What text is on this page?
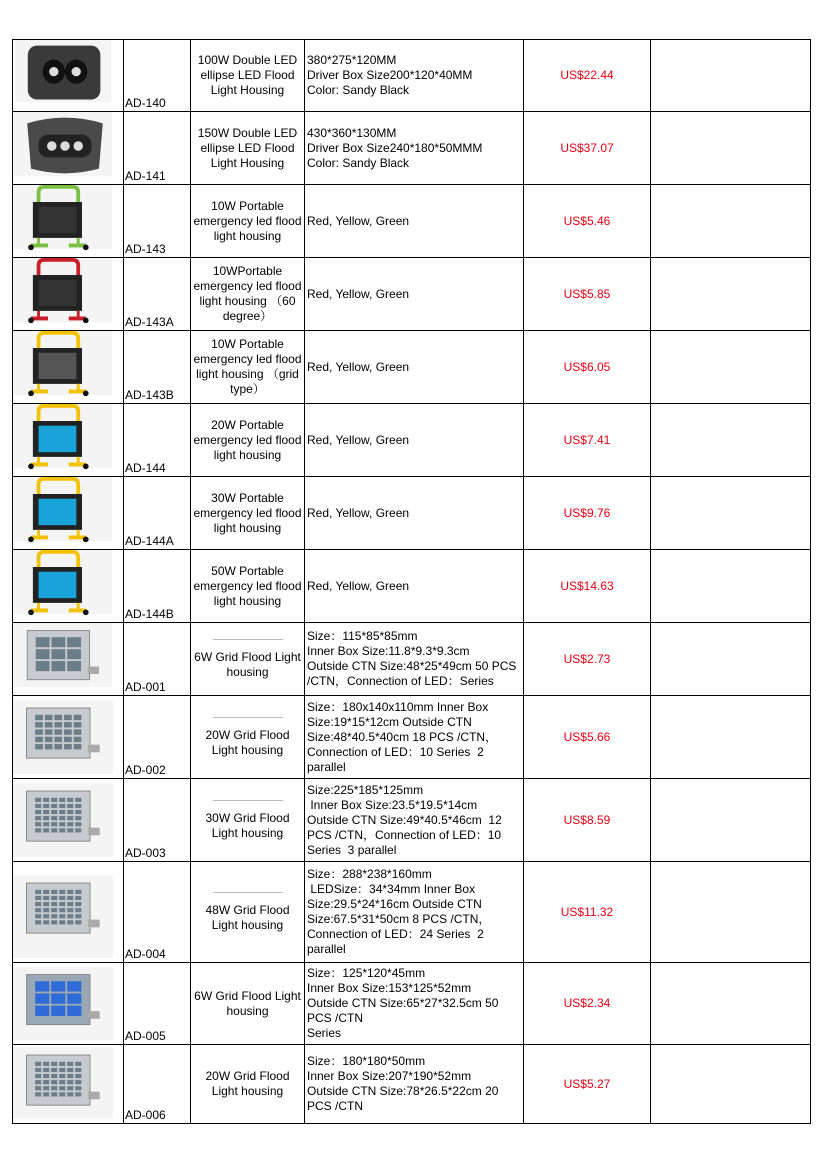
	AD-140	100W Double LED ellipse LED Flood Light Housing	380*275*120MM
Driver Box Size200*120*40MM
Color: Sandy Black	US$22.44	

	AD-141	150W Double LED ellipse LED Flood Light Housing	430*360*130MM
Driver Box Size240*180*50MMM
Color: Sandy Black	US$37.07	

	AD-143	10W Portable emergency led flood light housing	Red, Yellow, Green	US$5.46	

	AD-143A	10WPortable emergency led flood light housing （60 degree）	Red, Yellow, Green	US$5.85	

	AD-143B	10W Portable emergency led flood light housing （grid type）	Red, Yellow, Green	US$6.05	

	AD-144	20W Portable emergency led flood light housing	Red, Yellow, Green	US$7.41	

	AD-144A	30W Portable emergency led flood light housing	Red, Yellow, Green	US$9.76	

	AD-144B	50W Portable emergency led flood light housing	Red, Yellow, Green	US$14.63	

	AD-001	6W Grid Flood Light housing	Size：115*85*85mm
Inner Box Size:11.8*9.3*9.3cm
Outside CTN Size:48*25*49cm 50 PCS /CTN，Connection of LED：Series	US$2.73	

	AD-002	20W Grid Flood Light housing	Size：180x140x110mm Inner Box Size:19*15*12cm Outside CTN Size:48*40.5*40cm 18 PCS /CTN，Connection of LED：10 Series  2 parallel	US$5.66	

	AD-003	30W Grid Flood Light housing	Size:225*185*125mm
Inner Box Size:23.5*19.5*14cm
Outside CTN Size:49*40.5*46cm  12 PCS /CTN，Connection of LED：10 Series  3 parallel	US$8.59	

	AD-004	48W Grid Flood Light housing	Size：288*238*160mm
LEDSize：34*34mm Inner Box Size:29.5*24*16cm Outside CTN Size:67.5*31*50cm 8 PCS /CTN，Connection of LED：24 Series  2 parallel	US$11.32	

	AD-005	6W Grid Flood Light housing	Size：125*120*45mm
Inner Box Size:153*125*52mm
Outside CTN Size:65*27*32.5cm 50 PCS /CTN
Series	US$2.34	

	AD-006	20W Grid Flood Light housing	Size：180*180*50mm
Inner Box Size:207*190*52mm
Outside CTN Size:78*26.5*22cm 20 PCS /CTN	US$5.27	
